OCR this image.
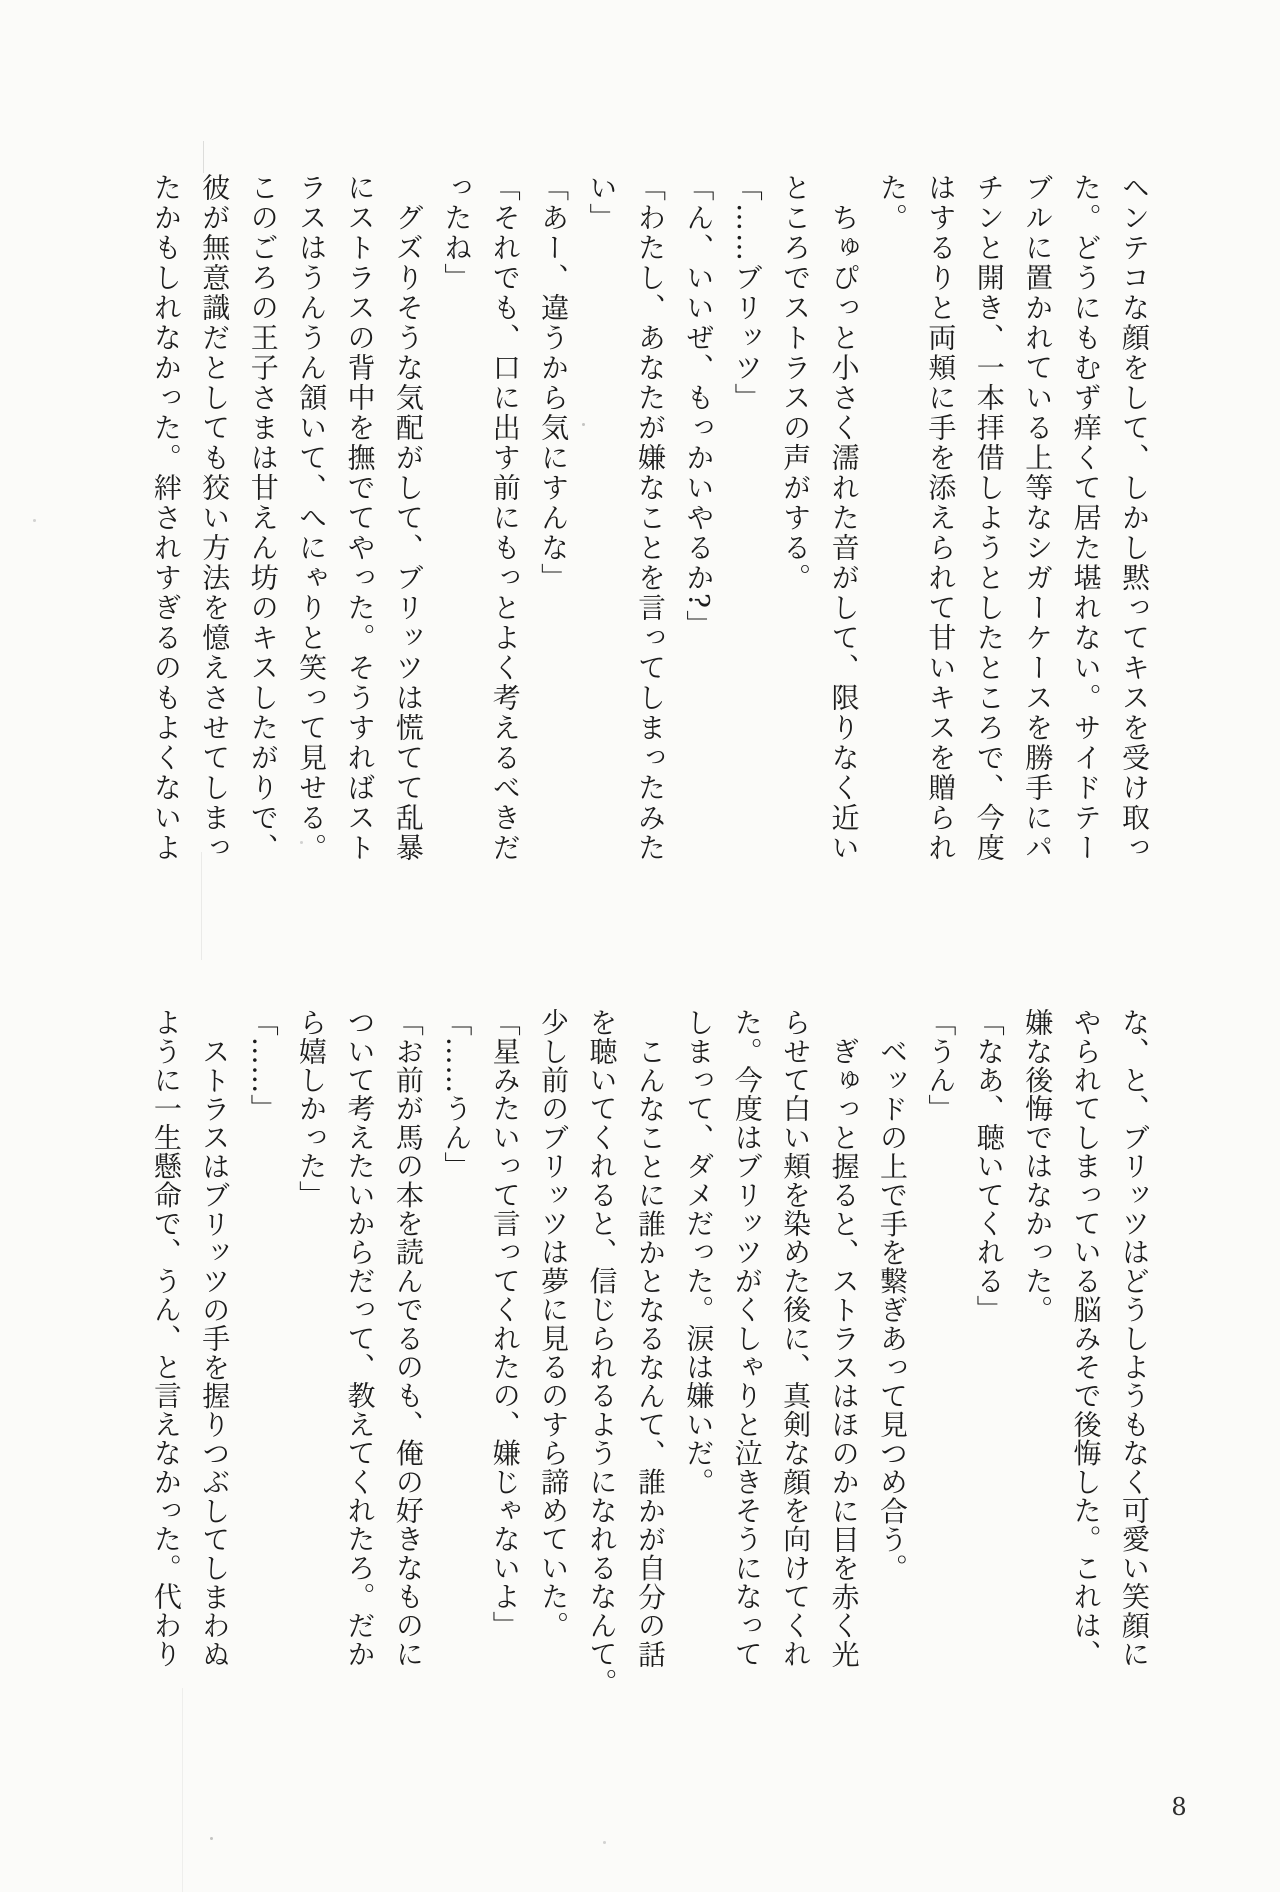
ヘンテコな顔をして、しかし黙ってキスを受け取っ
た。どうにもむず痒くて居た堪れない。サイドテー
ブルに置かれている上等なシガーケースを勝手にパ
チンと開き、一本拝借しようとしたところで、今度
はするりと両頬に手を添えられて甘いキスを贈られ
た。
ちゅぴっと小さく濡れた音がして、限りなく近い
ところでストラスの声がする。
「……ブリッツ」
「ん、いいぜ、もっかいやるか?」
「わたし、あなたが嫌なことを言ってしまったみた
い」
「あー、違うから気にすんな」
「それでも、口に出す前にもっとよく考えるべきだ
ったね」
グズりそうな気配がして、ブリッツは慌てて乱暴
にストラスの背中を撫でてやった。そうすればスト
ラスはうんうん頷いて、へにゃりと笑って見せる。
このごろの王子さまは甘えん坊のキスしたがりで、
彼が無意識だとしても狡い方法を憶えさせてしまっ
たかもしれなかった。絆されすぎるのもよくないよ
な、と、ブリッツはどうしようもなく可愛い笑顔に
やられてしまっている脳みそで後悔した。これは、
嫌な後悔ではなかった。
「なあ、聴いてくれる」
「うん」
ベッドの上で手を繋ぎあって見つめ合う。
ぎゅっと握ると、ストラスはほのかに目を赤く光
らせて白い頬を染めた後に、真剣な顔を向けてくれ
た。今度はブリッツがくしゃりと泣きそうになって
しまって、ダメだった。涙は嫌いだ。
こんなことに誰かとなるなんて、誰かが自分の話
を聴いてくれると、信じられるようになれるなんて。
少し前のブリッツは夢に見るのすら諦めていた。
「星みたいって言ってくれたの、嫌じゃないよ」
「……うん」
「お前が馬の本を読んでるのも、俺の好きなものに
ついて考えたいからだって、教えてくれたろ。だか
ら嬉しかった」
「……」
ストラスはブリッツの手を握りつぶしてしまわぬ
ように一生懸命で、うん、と言えなかった。代わり
8
